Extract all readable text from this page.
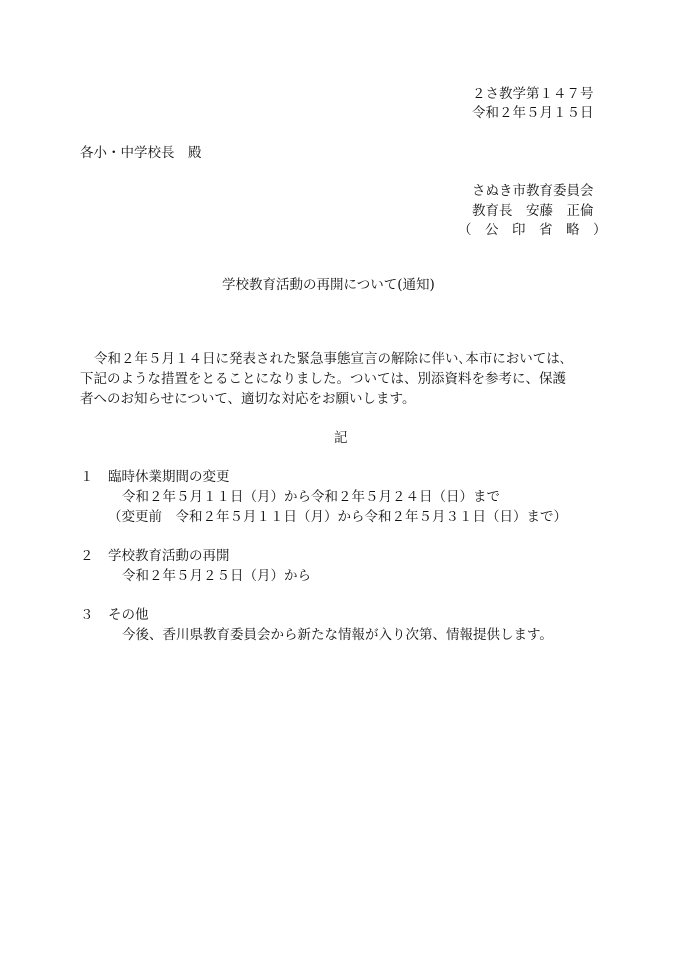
２さ教学第１４７号
令和２年５月１５日
各小・中学校長　殿
さぬき市教育委員会
教育長　安藤　正倫
（　公　印　省　略　）
学校教育活動の再開について(通知)
令和２年５月１４日に発表された緊急事態宣言の解除に伴い､本市においては､
下記のような措置をとることになりました。ついては、別添資料を参考に、保護
者へのお知らせについて、適切な対応をお願いします。
記
１ 臨時休業期間の変更
令和２年５月１１日（月）から令和２年５月２４日（日）まで
（変更前　令和２年５月１１日（月）から令和２年５月３１日（日）まで）
２ 学校教育活動の再開
令和２年５月２５日（月）から
３ その他
今後、香川県教育委員会から新たな情報が入り次第、情報提供します。
